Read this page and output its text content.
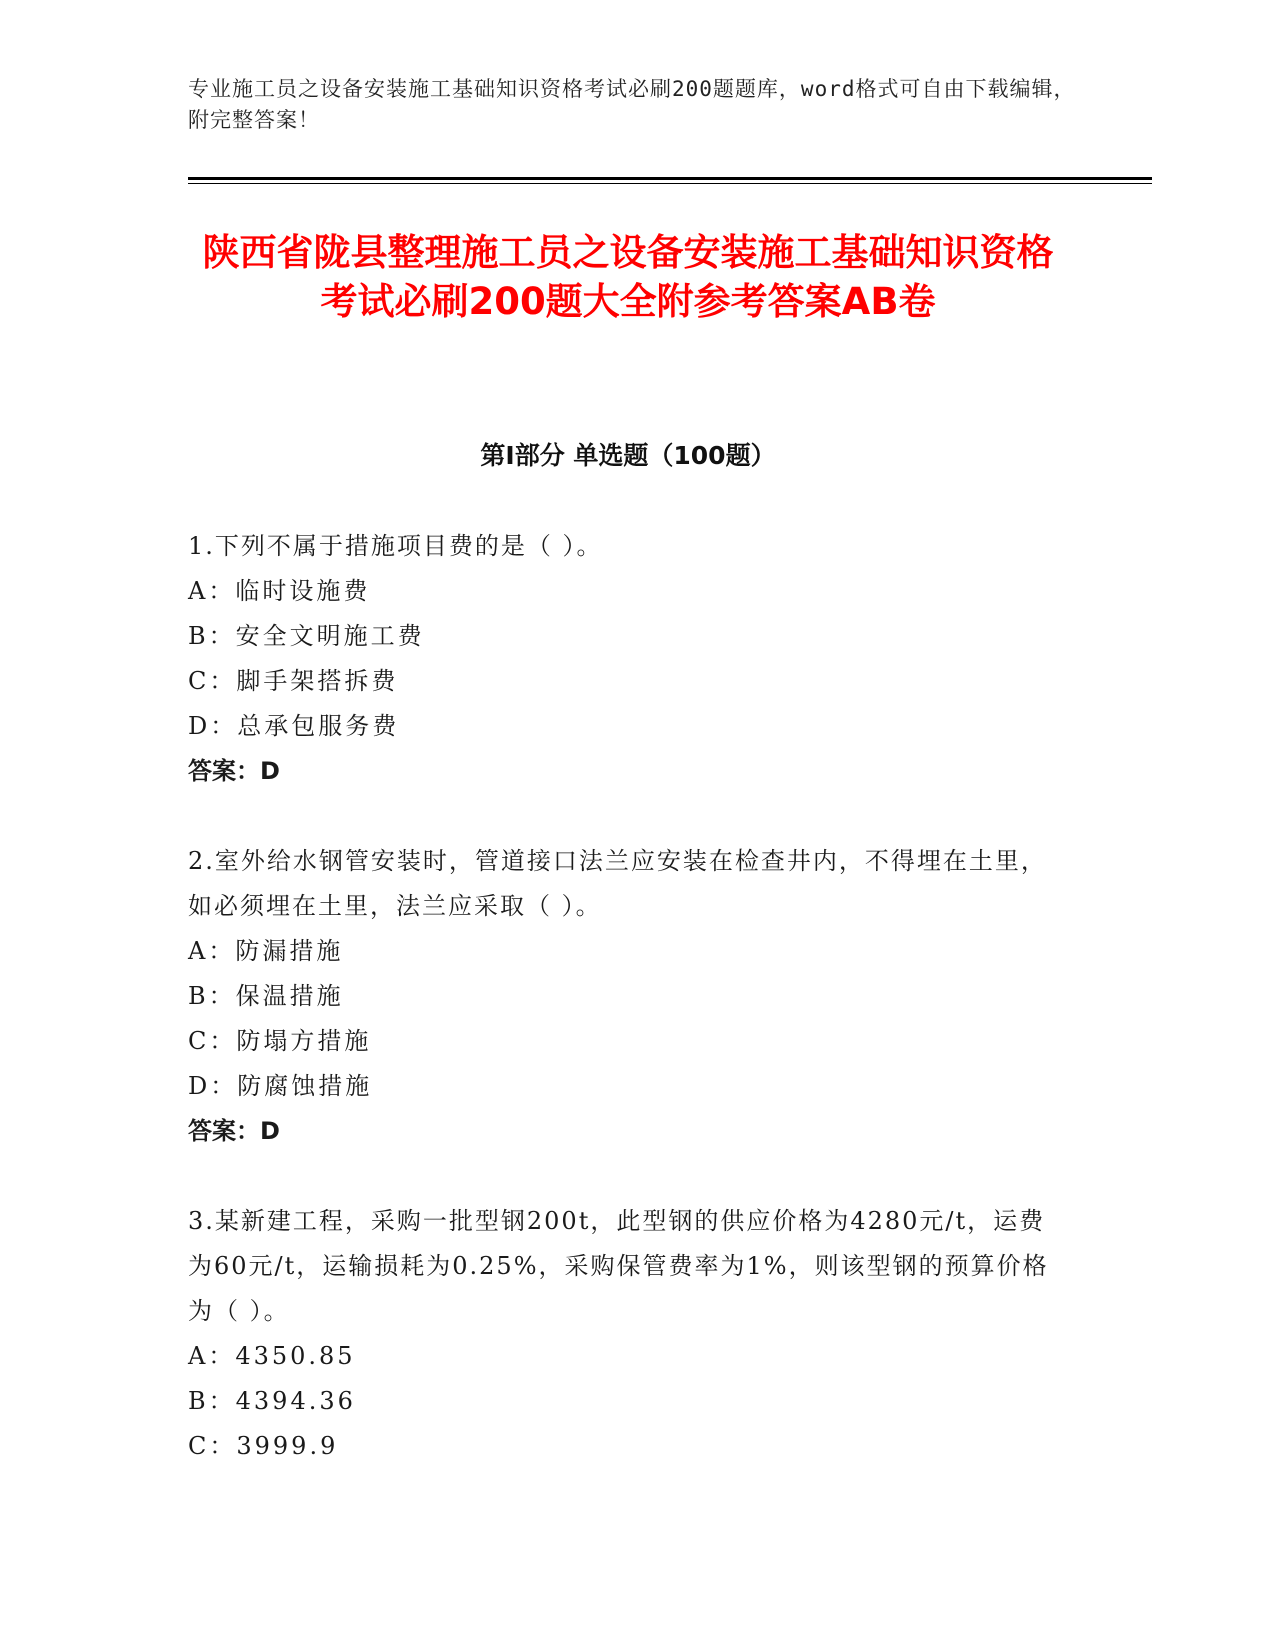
专业施工员之设备安装施工基础知识资格考试必刷200题题库，word格式可自由下载编辑，附完整答案！
陕西省陇县整理施工员之设备安装施工基础知识资格考试必刷200题大全附参考答案AB卷
第Ⅰ部分 单选题（100题）
1.下列不属于措施项目费的是（ ）。
A：临时设施费
B：安全文明施工费
C：脚手架搭拆费
D：总承包服务费
答案：D
2.室外给水钢管安装时，管道接口法兰应安装在检查井内，不得埋在土里，如必须埋在土里，法兰应采取（ ）。
A：防漏措施
B：保温措施
C：防塌方措施
D：防腐蚀措施
答案：D
3.某新建工程，采购一批型钢200t，此型钢的供应价格为4280元/t，运费为60元/t，运输损耗为0.25%，采购保管费率为1%，则该型钢的预算价格为（ ）。
A：4350.85
B：4394.36
C：3999.9
